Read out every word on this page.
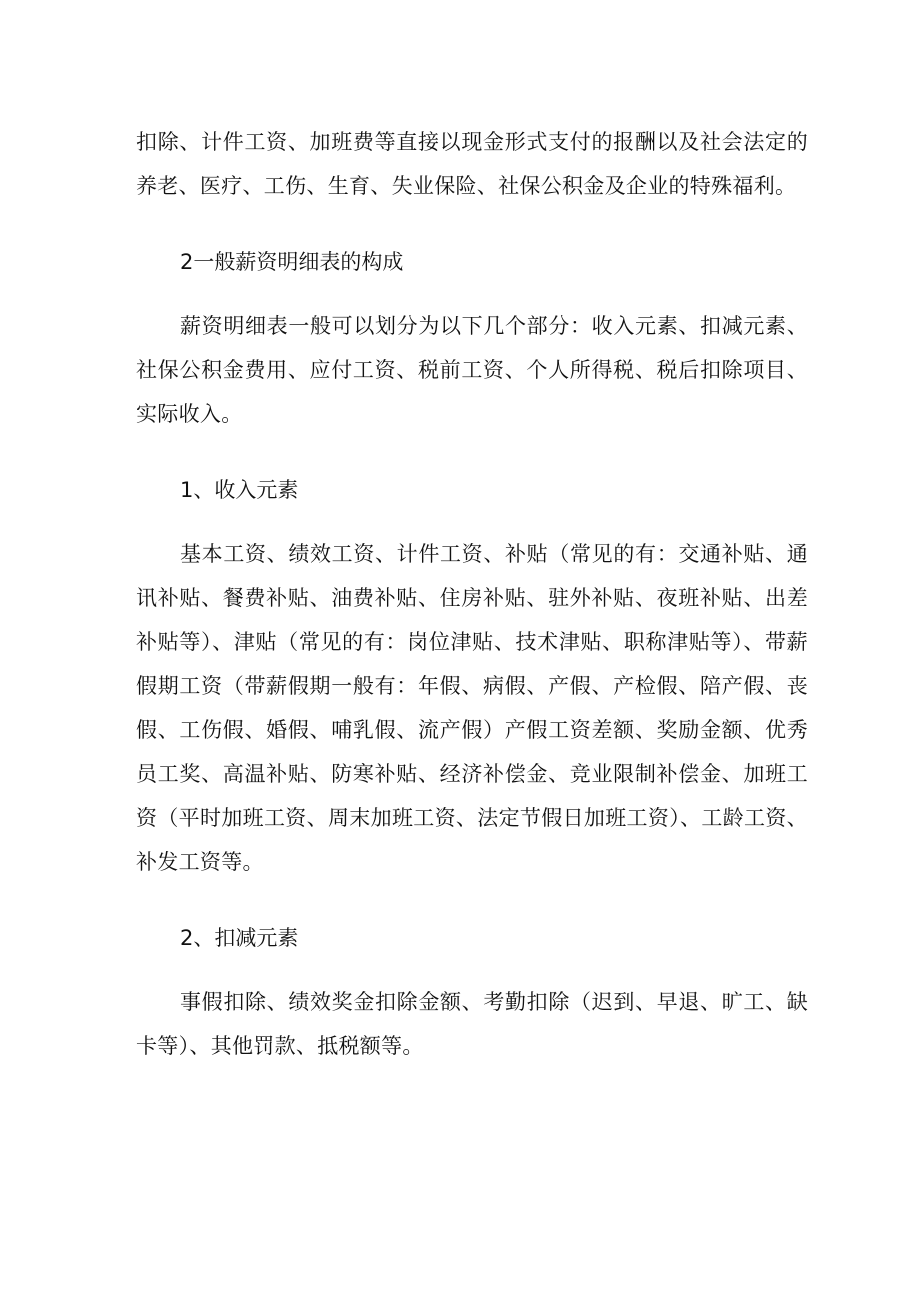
扣除、计件工资、加班费等直接以现金形式支付的报酬以及社会法定的养老、医疗、工伤、生育、失业保险、社保公积金及企业的特殊福利。

2一般薪资明细表的构成

薪资明细表一般可以划分为以下几个部分：收入元素、扣减元素、社保公积金费用、应付工资、税前工资、个人所得税、税后扣除项目、实际收入。

1、收入元素

基本工资、绩效工资、计件工资、补贴（常见的有：交通补贴、通讯补贴、餐费补贴、油费补贴、住房补贴、驻外补贴、夜班补贴、出差补贴等）、津贴（常见的有：岗位津贴、技术津贴、职称津贴等）、带薪假期工资（带薪假期一般有：年假、病假、产假、产检假、陪产假、丧假、工伤假、婚假、哺乳假、流产假）产假工资差额、奖励金额、优秀员工奖、高温补贴、防寒补贴、经济补偿金、竞业限制补偿金、加班工资（平时加班工资、周末加班工资、法定节假日加班工资）、工龄工资、补发工资等。

2、扣减元素

事假扣除、绩效奖金扣除金额、考勤扣除（迟到、早退、旷工、缺卡等）、其他罚款、抵税额等。
